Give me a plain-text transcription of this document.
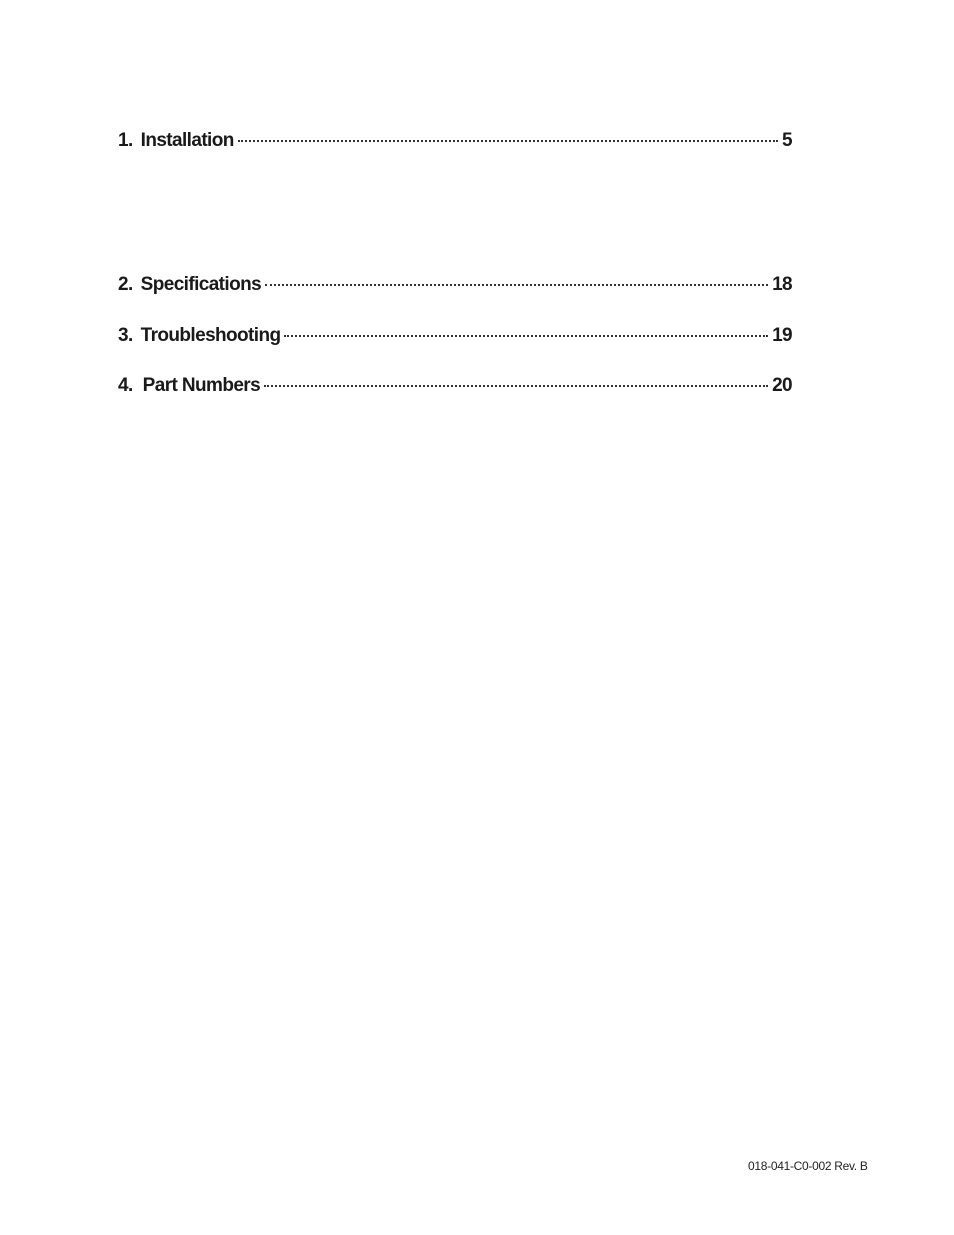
1. Installation	5
2. Specifications	18
3. Troubleshooting	19
4. Part Numbers	20
018-041-C0-002 Rev. B
